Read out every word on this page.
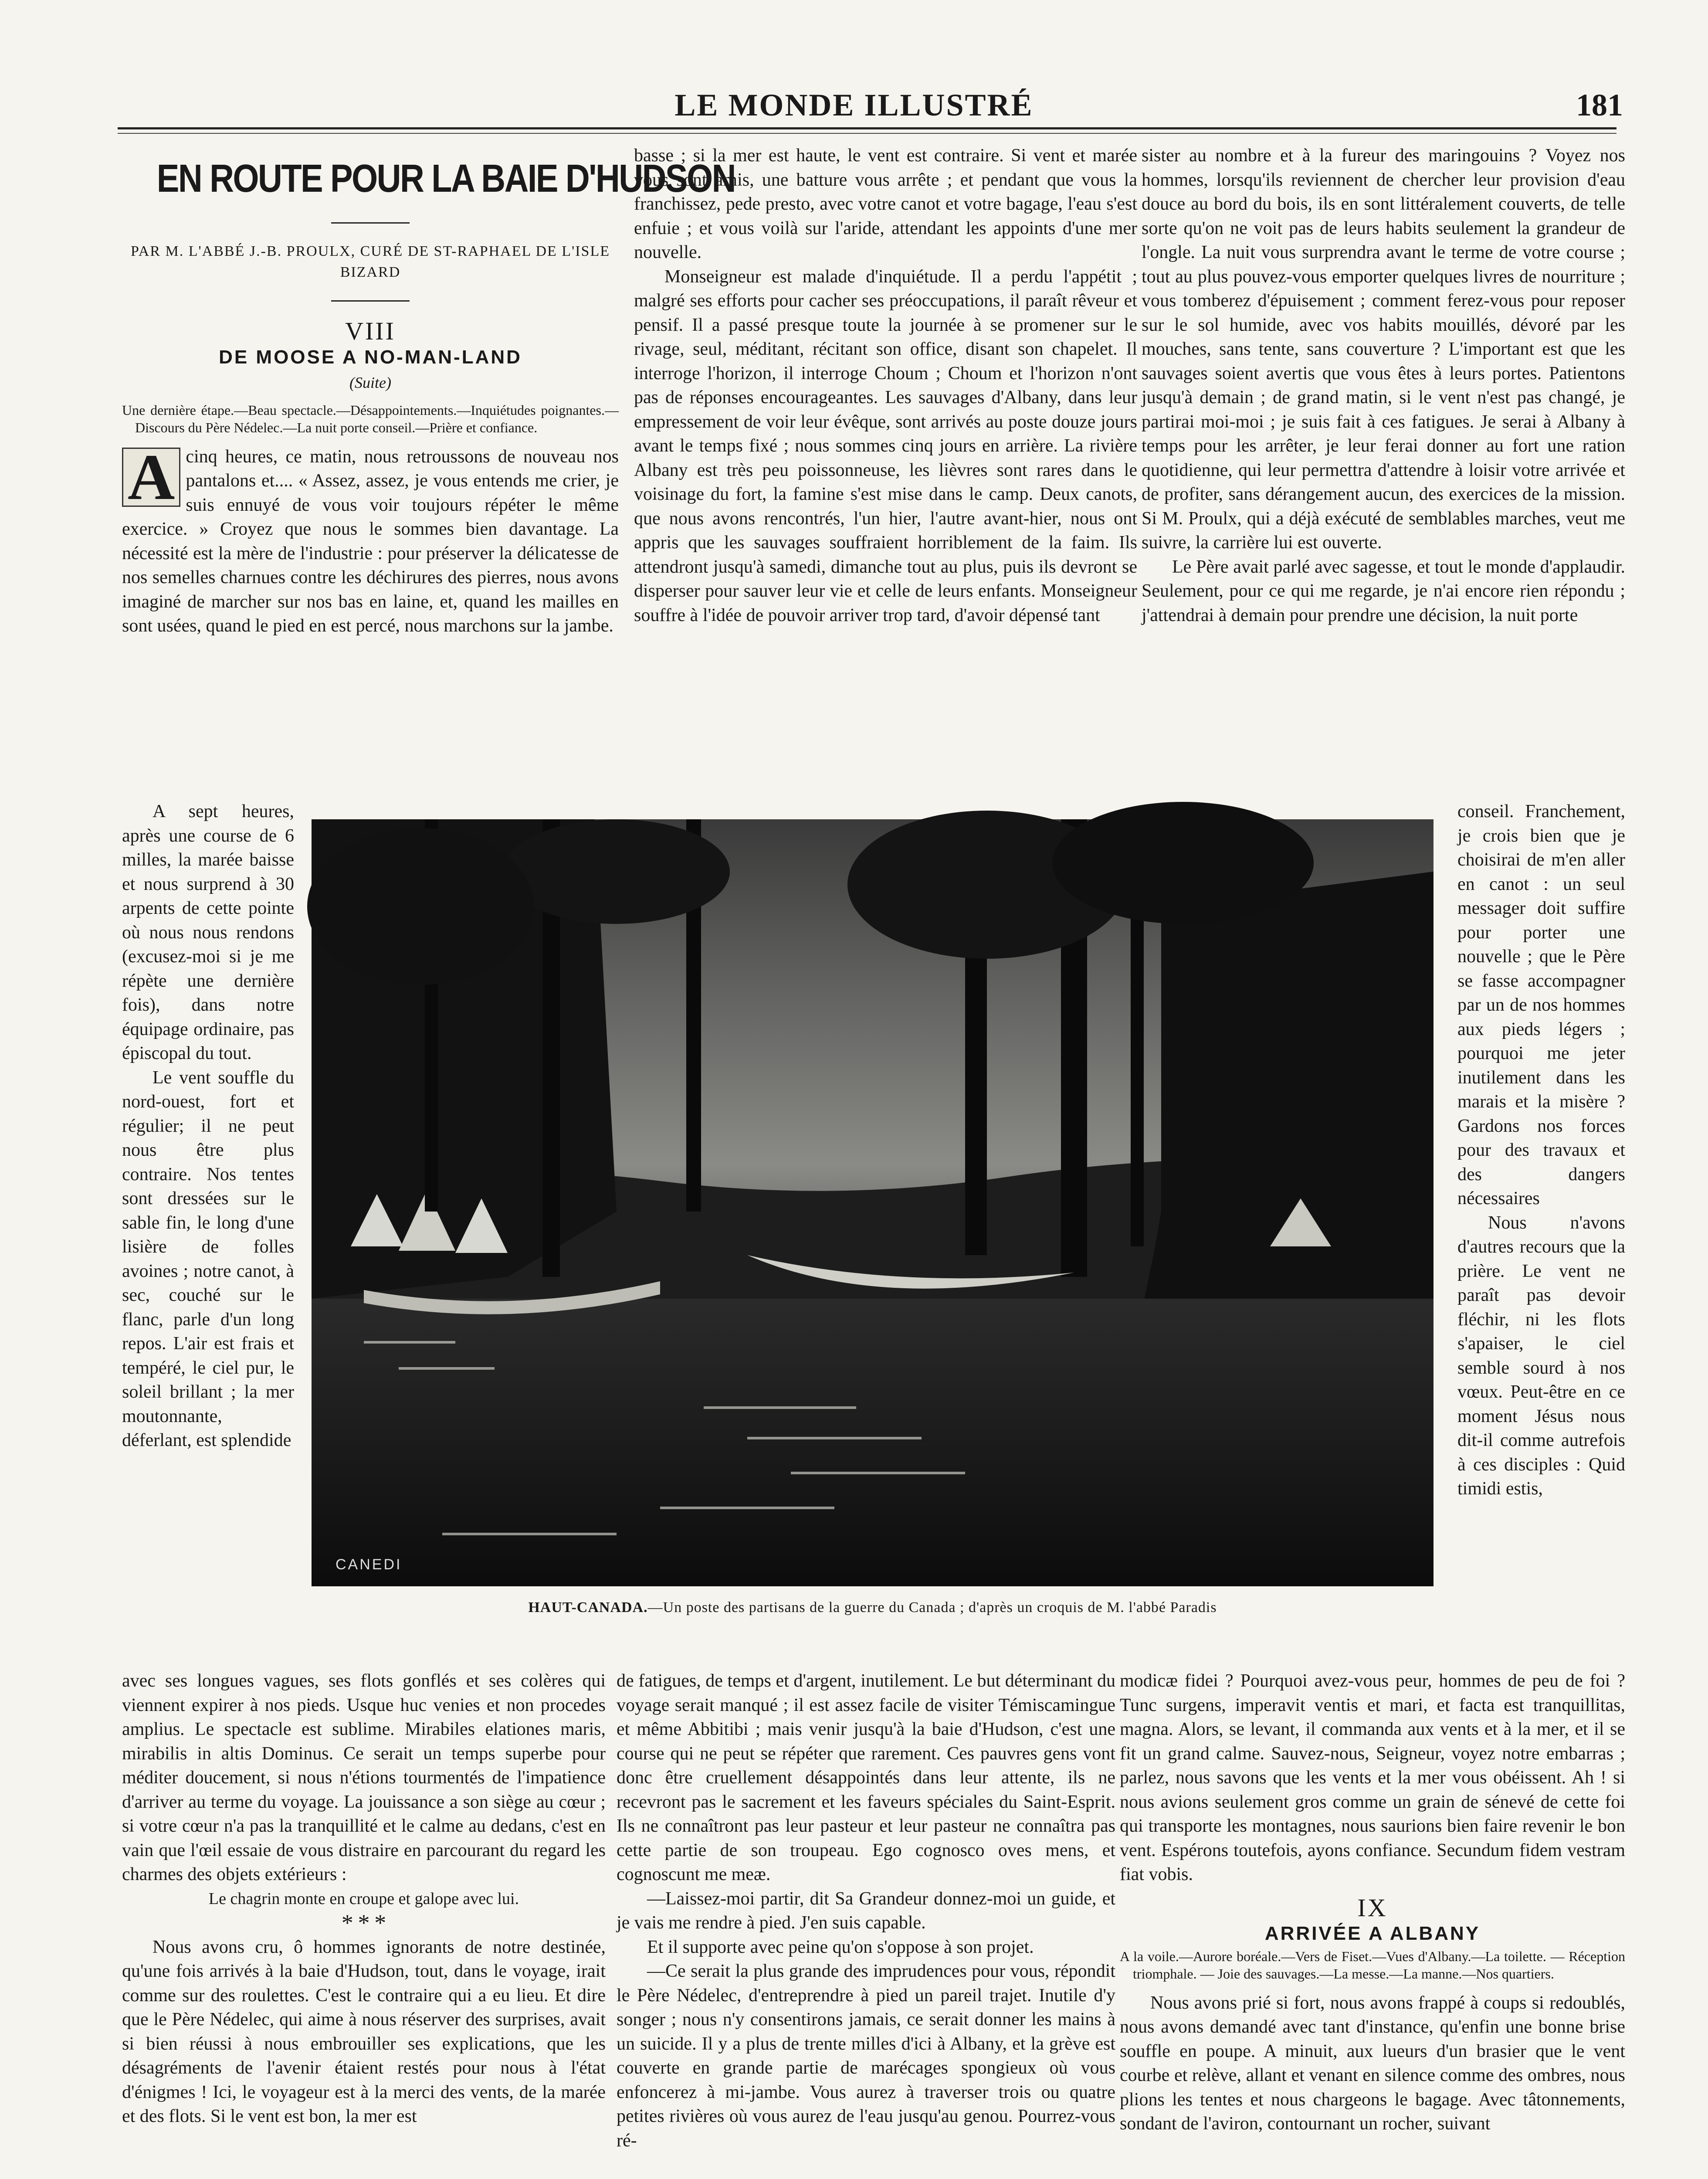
LE MONDE ILLUSTRÉ	181
EN ROUTE POUR LA BAIE D'HUDSON
PAR M. L'ABBÉ J.-B. PROULX, CURÉ DE ST-RAPHAEL DE L'ISLE BIZARD
VIII
DE MOOSE A NO-MAN-LAND
(Suite)
Une dernière étape.—Beau spectacle.—Désappointements.—Inquiétudes poignantes.—Discours du Père Nédelec.—La nuit porte conseil.—Prière et confiance.

A cinq heures, ce matin, nous retroussons de nouveau nos pantalons et.... « Assez, assez, je vous entends me crier, je suis ennuyé de vous voir toujours répéter le même exercice. » Croyez que nous le sommes bien davantage. La nécessité est la mère de l'industrie : pour préserver la délicatesse de nos semelles charnues contre les déchirures des pierres, nous avons imaginé de marcher sur nos bas en laine, et, quand les mailles en sont usées, quand le pied en est percé, nous marchons sur la jambe.

basse ; si la mer est haute, le vent est contraire. Si vent et marée vous sont amis, une batture vous arrête ; et pendant que vous la franchissez, pede presto, avec votre canot et votre bagage, l'eau s'est enfuie ; et vous voilà sur l'aride, attendant les appoints d'une mer nouvelle.

Monseigneur est malade d'inquiétude. Il a perdu l'appétit ; malgré ses efforts pour cacher ses préoccupations, il paraît rêveur et pensif. Il a passé presque toute la journée à se promener sur le rivage, seul, méditant, récitant son office, disant son chapelet. Il interroge l'horizon, il interroge Choum ; Choum et l'horizon n'ont pas de réponses encourageantes. Les sauvages d'Albany, dans leur empressement de voir leur évêque, sont arrivés au poste douze jours avant le temps fixé ; nous sommes cinq jours en arrière. La rivière Albany est très peu poissonneuse, les lièvres sont rares dans le voisinage du fort, la famine s'est mise dans le camp. Deux canots, que nous avons rencontrés, l'un hier, l'autre avant-hier, nous ont appris que les sauvages souffraient horriblement de la faim. Ils attendront jusqu'à samedi, dimanche tout au plus, puis ils devront se disperser pour sauver leur vie et celle de leurs enfants. Monseigneur souffre à l'idée de pouvoir arriver trop tard, d'avoir dépensé tant

sister au nombre et à la fureur des maringouins ? Voyez nos hommes, lorsqu'ils reviennent de chercher leur provision d'eau douce au bord du bois, ils en sont littéralement couverts, de telle sorte qu'on ne voit pas de leurs habits seulement la grandeur de l'ongle. La nuit vous surprendra avant le terme de votre course ; tout au plus pouvez-vous emporter quelques livres de nourriture ; vous tomberez d'épuisement ; comment ferez-vous pour reposer sur le sol humide, avec vos habits mouillés, dévoré par les mouches, sans tente, sans couverture ? L'important est que les sauvages soient avertis que vous êtes à leurs portes. Patientons jusqu'à demain ; de grand matin, si le vent n'est pas changé, je partirai moi-moi ; je suis fait à ces fatigues. Je serai à Albany à temps pour les arrêter, je leur ferai donner au fort une ration quotidienne, qui leur permettra d'attendre à loisir votre arrivée et de profiter, sans dérangement aucun, des exercices de la mission. Si M. Proulx, qui a déjà exécuté de semblables marches, veut me suivre, la carrière lui est ouverte.

Le Père avait parlé avec sagesse, et tout le monde d'applaudir. Seulement, pour ce qui me regarde, je n'ai encore rien répondu ; j'attendrai à demain pour prendre une décision, la nuit porte

A sept heures, après une course de 6 milles, la marée baisse et nous surprend à 30 arpents de cette pointe où nous nous rendons (excusez-moi si je me répète une dernière fois), dans notre équipage ordinaire, pas épiscopal du tout.

Le vent souffle du nord-ouest, fort et régulier; il ne peut nous être plus contraire. Nos tentes sont dressées sur le sable fin, le long d'une lisière de folles avoines ; notre canot, à sec, couché sur le flanc, parle d'un long repos. L'air est frais et tempéré, le ciel pur, le soleil brillant ; la mer moutonnante, déferlant, est splendide

conseil. Franchement, je crois bien que je choisirai de m'en aller en canot : un seul messager doit suffire pour porter une nouvelle ; que le Père se fasse accompagner par un de nos hommes aux pieds légers ; pourquoi me jeter inutilement dans les marais et la misère ? Gardons nos forces pour des travaux et des dangers nécessaires

Nous n'avons d'autres recours que la prière. Le vent ne paraît pas devoir fléchir, ni les flots s'apaiser, le ciel semble sourd à nos vœux. Peut-être en ce moment Jésus nous dit-il comme autrefois à ces disciples : Quid timidi estis,

CANEDI
HAUT-CANADA.—Un poste des partisans de la guerre du Canada ; d'après un croquis de M. l'abbé Paradis

avec ses longues vagues, ses flots gonflés et ses colères qui viennent expirer à nos pieds. Usque huc venies et non procedes amplius. Le spectacle est sublime. Mirabiles elationes maris, mirabilis in altis Dominus. Ce serait un temps superbe pour méditer doucement, si nous n'étions tourmentés de l'impatience d'arriver au terme du voyage. La jouissance a son siège au cœur ; si votre cœur n'a pas la tranquillité et le calme au dedans, c'est en vain que l'œil essaie de vous distraire en parcourant du regard les charmes des objets extérieurs :

Le chagrin monte en croupe et galope avec lui.

* * *

Nous avons cru, ô hommes ignorants de notre destinée, qu'une fois arrivés à la baie d'Hudson, tout, dans le voyage, irait comme sur des roulettes. C'est le contraire qui a eu lieu. Et dire que le Père Nédelec, qui aime à nous réserver des surprises, avait si bien réussi à nous embrouiller ses explications, que les désagréments de l'avenir étaient restés pour nous à l'état d'énigmes ! Ici, le voyageur est à la merci des vents, de la marée et des flots. Si le vent est bon, la mer est

de fatigues, de temps et d'argent, inutilement. Le but déterminant du voyage serait manqué ; il est assez facile de visiter Témiscamingue et même Abbitibi ; mais venir jusqu'à la baie d'Hudson, c'est une course qui ne peut se répéter que rarement. Ces pauvres gens vont donc être cruellement désappointés dans leur attente, ils ne recevront pas le sacrement et les faveurs spéciales du Saint-Esprit. Ils ne connaîtront pas leur pasteur et leur pasteur ne connaîtra pas cette partie de son troupeau. Ego cognosco oves mens, et cognoscunt me meæ.

—Laissez-moi partir, dit Sa Grandeur donnez-moi un guide, et je vais me rendre à pied. J'en suis capable.

Et il supporte avec peine qu'on s'oppose à son projet.

—Ce serait la plus grande des imprudences pour vous, répondit le Père Nédelec, d'entreprendre à pied un pareil trajet. Inutile d'y songer ; nous n'y consentirons jamais, ce serait donner les mains à un suicide. Il y a plus de trente milles d'ici à Albany, et la grève est couverte en grande partie de marécages spongieux où vous enfoncerez à mi-jambe. Vous aurez à traverser trois ou quatre petites rivières où vous aurez de l'eau jusqu'au genou. Pourrez-vous ré-

modicæ fidei ? Pourquoi avez-vous peur, hommes de peu de foi ? Tunc surgens, imperavit ventis et mari, et facta est tranquillitas, magna. Alors, se levant, il commanda aux vents et à la mer, et il se fit un grand calme. Sauvez-nous, Seigneur, voyez notre embarras ; parlez, nous savons que les vents et la mer vous obéissent. Ah ! si nous avions seulement gros comme un grain de sénevé de cette foi qui transporte les montagnes, nous saurions bien faire revenir le bon vent. Espérons toutefois, ayons confiance. Secundum fidem vestram fiat vobis.

IX
ARRIVÉE A ALBANY
A la voile.—Aurore boréale.—Vers de Fiset.—Vues d'Albany.—La toilette. — Réception triomphale. — Joie des sauvages.—La messe.—La manne.—Nos quartiers.

Nous avons prié si fort, nous avons frappé à coups si redoublés, nous avons demandé avec tant d'instance, qu'enfin une bonne brise souffle en poupe. A minuit, aux lueurs d'un brasier que le vent courbe et relève, allant et venant en silence comme des ombres, nous plions les tentes et nous chargeons le bagage. Avec tâtonnements, sondant de l'aviron, contournant un rocher, suivant
